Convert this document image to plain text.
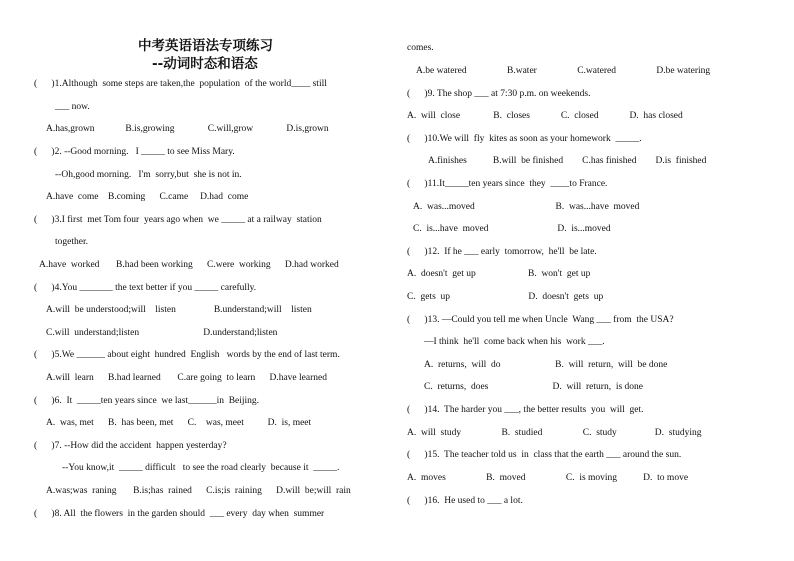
中考英语语法专项练习
--动词时态和语态
(      )1.Although  some steps are taken,the  population  of the world____ still
___ now.
A.has,grown             B.is,growing              C.will,grow              D.is,grown
(      )2. --Good morning.   I _____ to see Miss Mary.
--Oh,good morning.   I'm  sorry,but  she is not in.
A.have  come    B.coming      C.came     D.had  come
(      )3.I first  met Tom four  years ago when  we _____ at a railway  station
together.
A.have  worked       B.had been working      C.were  working      D.had worked
(      )4.You _______ the text better if you _____ carefully.
A.will  be understood;will    listen                B.understand;will    listen
C.will  understand;listen                           D.understand;listen
(      )5.We ______ about eight  hundred  English   words by the end of last term.
A.will  learn      B.had learned       C.are going  to learn      D.have learned
(      )6.  It  _____ten years since  we last______in  Beijing.
A.  was, met      B.  has been, met      C.    was, meet          D.  is, meet
(      )7. --How did the accident  happen yesterday?
--You know,it  _____ difficult   to see the road clearly  because it  _____.
A.was;was  raning       B.is;has  rained      C.is;is  raining      D.will  be;will  rain
(      )8. All  the flowers  in the garden should  ___ every  day when  summer
comes.
A.be watered                 B.water                 C.watered                 D.be watering
(      )9. The shop ___ at 7:30 p.m. on weekends.
A.  will  close              B.  closes             C.  closed             D.  has closed
(      )10.We will  fly  kites as soon as your homework  _____.
A.finishes           B.will  be finished        C.has finished        D.is  finished
(      )11.It_____ten years since  they  ____to France.
A.  was...moved                                  B.  was...have  moved
C.  is...have  moved                             D.  is...moved
(      )12.  If he ___ early  tomorrow,  he'll  be late.
A.  doesn't  get up                      B.  won't  get up
C.  gets  up                                 D.  doesn't  gets  up
(      )13. —Could you tell me when Uncle  Wang ___ from  the USA?
—I think  he'll  come back when his  work ___.
A.  returns,  will  do                       B.  will  return,  will  be done
C.  returns,  does                           D.  will  return,  is done
(      )14.  The harder you ___, the better results  you  will  get.
A.  will  study                 B.  studied                 C.  study                D.  studying
(      )15.  The teacher told us  in  class that the earth ___ around the sun.
A.  moves                 B.  moved                 C.  is moving           D.  to move
(      )16.  He used to ___ a lot.
